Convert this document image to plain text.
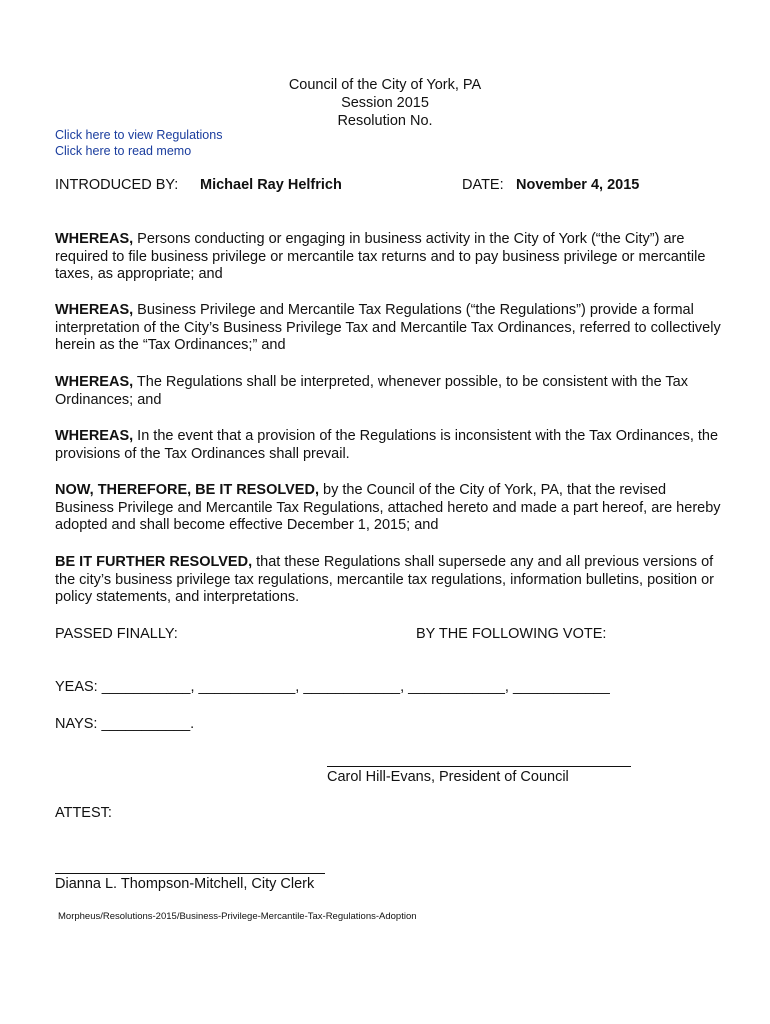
Council of the City of York, PA
Session 2015
Resolution No.
Click here to view Regulations
Click here to read memo
INTRODUCED BY: Michael Ray Helfrich	DATE: November 4, 2015
WHEREAS, Persons conducting or engaging in business activity in the City of York (“the City”) are required to file business privilege or mercantile tax returns and to pay business privilege or mercantile taxes, as appropriate; and
WHEREAS, Business Privilege and Mercantile Tax Regulations (“the Regulations”) provide a formal interpretation of the City’s Business Privilege Tax and Mercantile Tax Ordinances, referred to collectively herein as the “Tax Ordinances;” and
WHEREAS, The Regulations shall be interpreted, whenever possible, to be consistent with the Tax Ordinances; and
WHEREAS, In the event that a provision of the Regulations is inconsistent with the Tax Ordinances, the provisions of the Tax Ordinances shall prevail.
NOW, THEREFORE, BE IT RESOLVED, by the Council of the City of York, PA, that the revised Business Privilege and Mercantile Tax Regulations, attached hereto and made a part hereof, are hereby adopted and shall become effective December 1, 2015; and
BE IT FURTHER RESOLVED, that these Regulations shall supersede any and all previous versions of the city’s business privilege tax regulations, mercantile tax regulations, information bulletins, position or policy statements, and interpretations.
PASSED FINALLY:	BY THE FOLLOWING VOTE:
YEAS: ___________, ____________, ____________, ____________, ____________
NAYS: ___________.
Carol Hill-Evans, President of Council
ATTEST:
Dianna L. Thompson-Mitchell, City Clerk
Morpheus/Resolutions-2015/Business-Privilege-Mercantile-Tax-Regulations-Adoption
